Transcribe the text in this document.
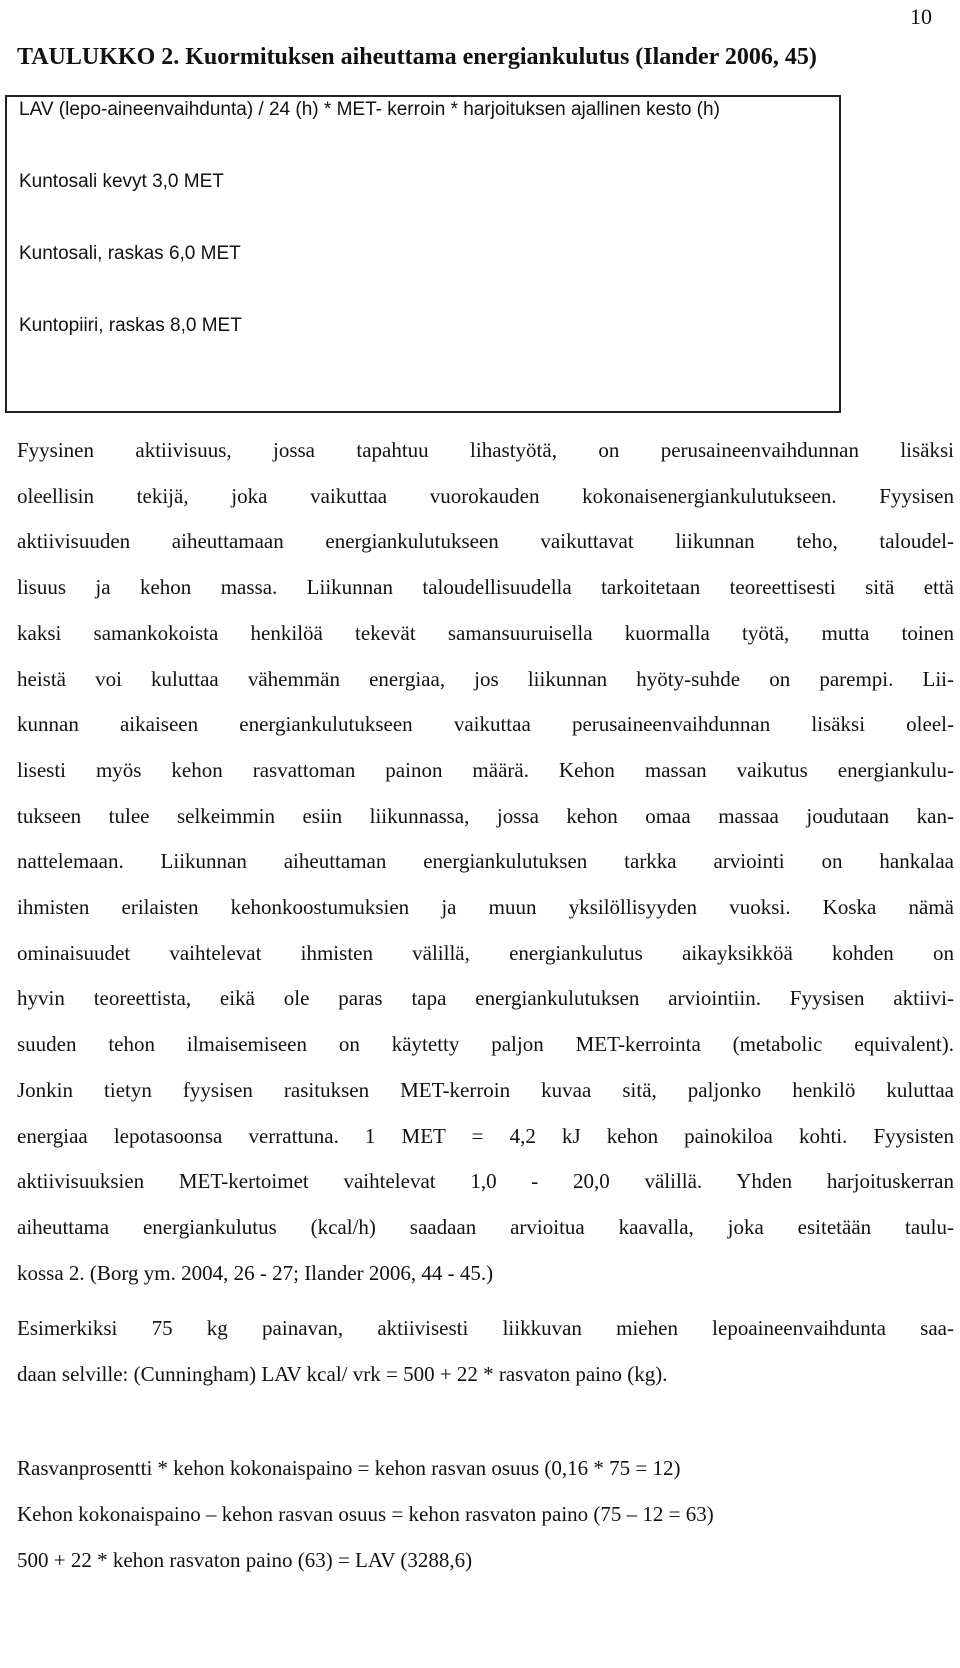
10
TAULUKKO 2. Kuormituksen aiheuttama energiankulutus (Ilander 2006, 45)
LAV (lepo-aineenvaihdunta) / 24 (h) * MET- kerroin * harjoituksen ajallinen kesto (h)
Kuntosali kevyt 3,0 MET
Kuntosali, raskas 6,0 MET
Kuntopiiri, raskas 8,0 MET
Fyysinen aktiivisuus, jossa tapahtuu lihastyötä, on perusaineenvaihdunnan lisäksi
oleellisin tekijä, joka vaikuttaa vuorokauden kokonaisenergiankulutukseen. Fyysisen
aktiivisuuden aiheuttamaan energiankulutukseen vaikuttavat liikunnan teho, taloudel-
lisuus ja kehon massa. Liikunnan taloudellisuudella tarkoitetaan teoreettisesti sitä että
kaksi samankokoista henkilöä tekevät samansuuruisella kuormalla työtä, mutta toinen
heistä voi kuluttaa vähemmän energiaa, jos liikunnan hyöty-suhde on parempi. Lii-
kunnan aikaiseen energiankulutukseen vaikuttaa perusaineenvaihdunnan lisäksi oleel-
lisesti myös kehon rasvattoman painon määrä. Kehon massan vaikutus energiankulu-
tukseen tulee selkeimmin esiin liikunnassa, jossa kehon omaa massaa joudutaan kan-
nattelemaan. Liikunnan aiheuttaman energiankulutuksen tarkka arviointi on hankalaa
ihmisten erilaisten kehonkoostumuksien ja muun yksilöllisyyden vuoksi. Koska nämä
ominaisuudet vaihtelevat ihmisten välillä, energiankulutus aikayksikköä kohden on
hyvin teoreettista, eikä ole paras tapa energiankulutuksen arviointiin. Fyysisen aktiivi-
suuden tehon ilmaisemiseen on käytetty paljon MET-kerrointa (metabolic equivalent).
Jonkin tietyn fyysisen rasituksen MET-kerroin kuvaa sitä, paljonko henkilö kuluttaa
energiaa lepotasoonsa verrattuna. 1 MET = 4,2 kJ kehon painokiloa kohti. Fyysisten
aktiivisuuksien MET-kertoimet vaihtelevat 1,0 - 20,0 välillä. Yhden harjoituskerran
aiheuttama energiankulutus (kcal/h) saadaan arvioitua kaavalla, joka esitetään taulu-
kossa 2. (Borg ym. 2004, 26 - 27; Ilander 2006, 44 - 45.)
Esimerkiksi 75 kg painavan, aktiivisesti liikkuvan miehen lepoaineenvaihdunta saa-
daan selville: (Cunningham) LAV kcal/ vrk = 500 + 22 * rasvaton paino (kg).
Rasvanprosentti * kehon kokonaispaino = kehon rasvan osuus (0,16 * 75 = 12)
Kehon kokonaispaino – kehon rasvan osuus = kehon rasvaton paino (75 – 12 = 63)
500 + 22 * kehon rasvaton paino (63) = LAV (3288,6)
